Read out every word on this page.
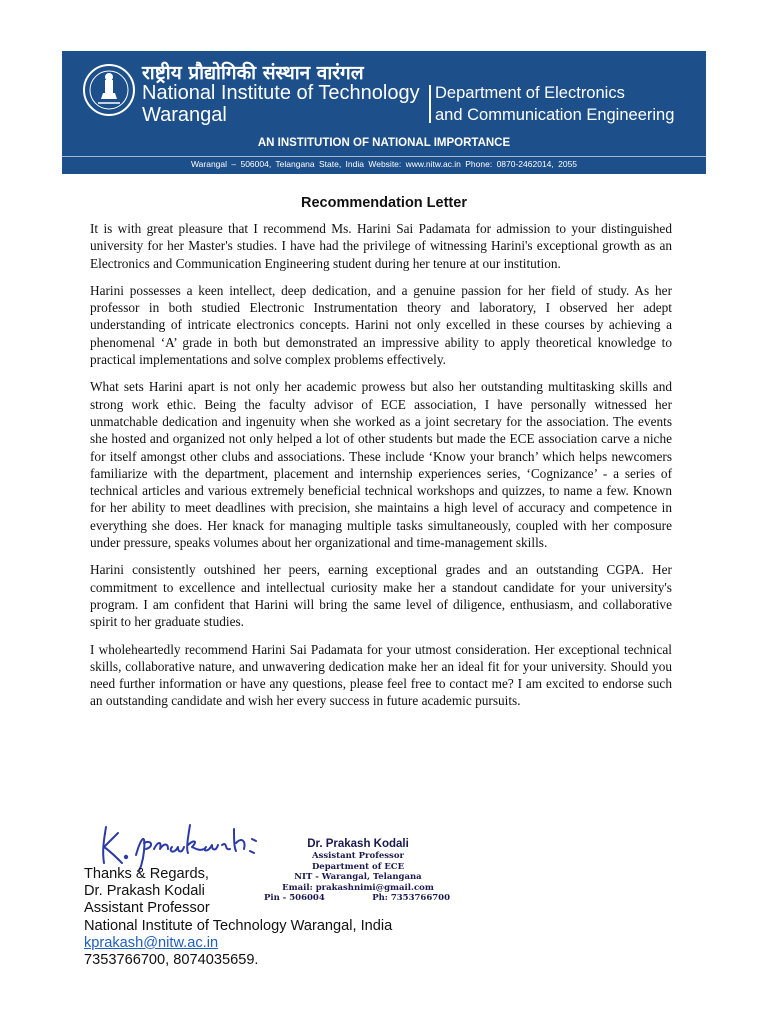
राष्ट्रीय प्रौद्योगिकी संस्थान वारंगल
National Institute of Technology
Warangal
Department of Electronics
and Communication Engineering
AN INSTITUTION OF NATIONAL IMPORTANCE
Warangal – 506004, Telangana State, India Website: www.nitw.ac.in Phone: 0870-2462014, 2055
Recommendation Letter

It is with great pleasure that I recommend Ms. Harini Sai Padamata for admission to your distinguished university for her Master's studies. I have had the privilege of witnessing Harini's exceptional growth as an Electronics and Communication Engineering student during her tenure at our institution.

Harini possesses a keen intellect, deep dedication, and a genuine passion for her field of study. As her professor in both studied Electronic Instrumentation theory and laboratory, I observed her adept understanding of intricate electronics concepts. Harini not only excelled in these courses by achieving a phenomenal ‘A’ grade in both but demonstrated an impressive ability to apply theoretical knowledge to practical implementations and solve complex problems effectively.

What sets Harini apart is not only her academic prowess but also her outstanding multitasking skills and strong work ethic. Being the faculty advisor of ECE association, I have personally witnessed her unmatchable dedication and ingenuity when she worked as a joint secretary for the association. The events she hosted and organized not only helped a lot of other students but made the ECE association carve a niche for itself amongst other clubs and associations. These include ‘Know your branch’ which helps newcomers familiarize with the department, placement and internship experiences series, ‘Cognizance’ - a series of technical articles and various extremely beneficial technical workshops and quizzes, to name a few. Known for her ability to meet deadlines with precision, she maintains a high level of accuracy and competence in everything she does. Her knack for managing multiple tasks simultaneously, coupled with her composure under pressure, speaks volumes about her organizational and time-management skills.

Harini consistently outshined her peers, earning exceptional grades and an outstanding CGPA. Her commitment to excellence and intellectual curiosity make her a standout candidate for your university's program. I am confident that Harini will bring the same level of diligence, enthusiasm, and collaborative spirit to her graduate studies.

I wholeheartedly recommend Harini Sai Padamata for your utmost consideration. Her exceptional technical skills, collaborative nature, and unwavering dedication make her an ideal fit for your university. Should you need further information or have any questions, please feel free to contact me? I am excited to endorse such an outstanding candidate and wish her every success in future academic pursuits.

Dr. Prakash Kodali
Assistant Professor
Department of ECE
NIT - Warangal, Telangana
Email: prakashnimi@gmail.com
Pin - 506004	Ph: 7353766700
Thanks & Regards,
Dr. Prakash Kodali
Assistant Professor
National Institute of Technology Warangal, India
kprakash@nitw.ac.in
7353766700, 8074035659.
